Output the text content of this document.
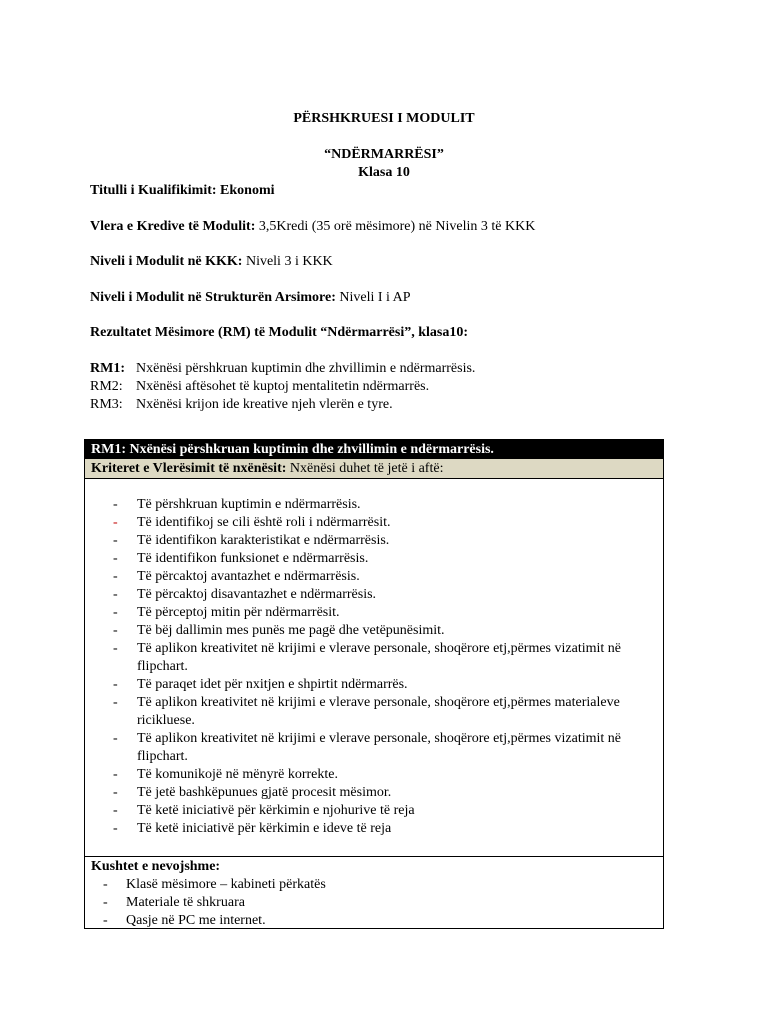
PËRSHKRUESI I MODULIT
“NDËRMARRËSI”
Klasa 10
Titulli i Kualifikimit: Ekonomi
Vlera e Kredive të Modulit: 3,5Kredi (35 orë mësimore) në Nivelin 3 të KKK
Niveli i Modulit në KKK: Niveli 3 i KKK
Niveli i Modulit në Strukturën Arsimore: Niveli I i AP
Rezultatet Mësimore (RM) të Modulit “Ndërmarrësi”, klasa10:
RM1: Nxënësi përshkruan kuptimin dhe zhvillimin e ndërmarrësis.
RM2: Nxënësi aftësohet të kuptoj mentalitetin ndërmarrës.
RM3: Nxënësi krijon ide kreative njeh vlerën e tyre.
RM1: Nxënësi përshkruan kuptimin dhe zhvillimin e ndërmarrësis.
Kriteret e Vlerësimit të nxënësit: Nxënësi duhet të jetë i aftë:
- Të përshkruan kuptimin e ndërmarrësis.
- Të identifikoj se cili është roli i ndërmarrësit.
- Të identifikon karakteristikat e ndërmarrësis.
- Të identifikon funksionet e ndërmarrësis.
- Të përcaktoj avantazhet e ndërmarrësis.
- Të përcaktoj disavantazhet e ndërmarrësis.
- Të përceptoj mitin për ndërmarrësit.
- Të bëj dallimin mes punës me pagë dhe vetëpunësimit.
- Të aplikon kreativitet në krijimi e vlerave personale, shoqërore etj,përmes vizatimit në flipchart.
- Të paraqet idet për nxitjen e shpirtit ndërmarrës.
- Të aplikon kreativitet në krijimi e vlerave personale, shoqërore etj,përmes materialeve ricikluese.
- Të aplikon kreativitet në krijimi e vlerave personale, shoqërore etj,përmes vizatimit në flipchart.
- Të komunikojë në mënyrë korrekte.
- Të jetë bashkëpunues gjatë procesit mësimor.
- Të ketë iniciativë për kërkimin e njohurive të reja
- Të ketë iniciativë për kërkimin e ideve të reja
Kushtet e nevojshme:
- Klasë mësimore – kabineti përkatës
- Materiale të shkruara
- Qasje në PC me internet.
